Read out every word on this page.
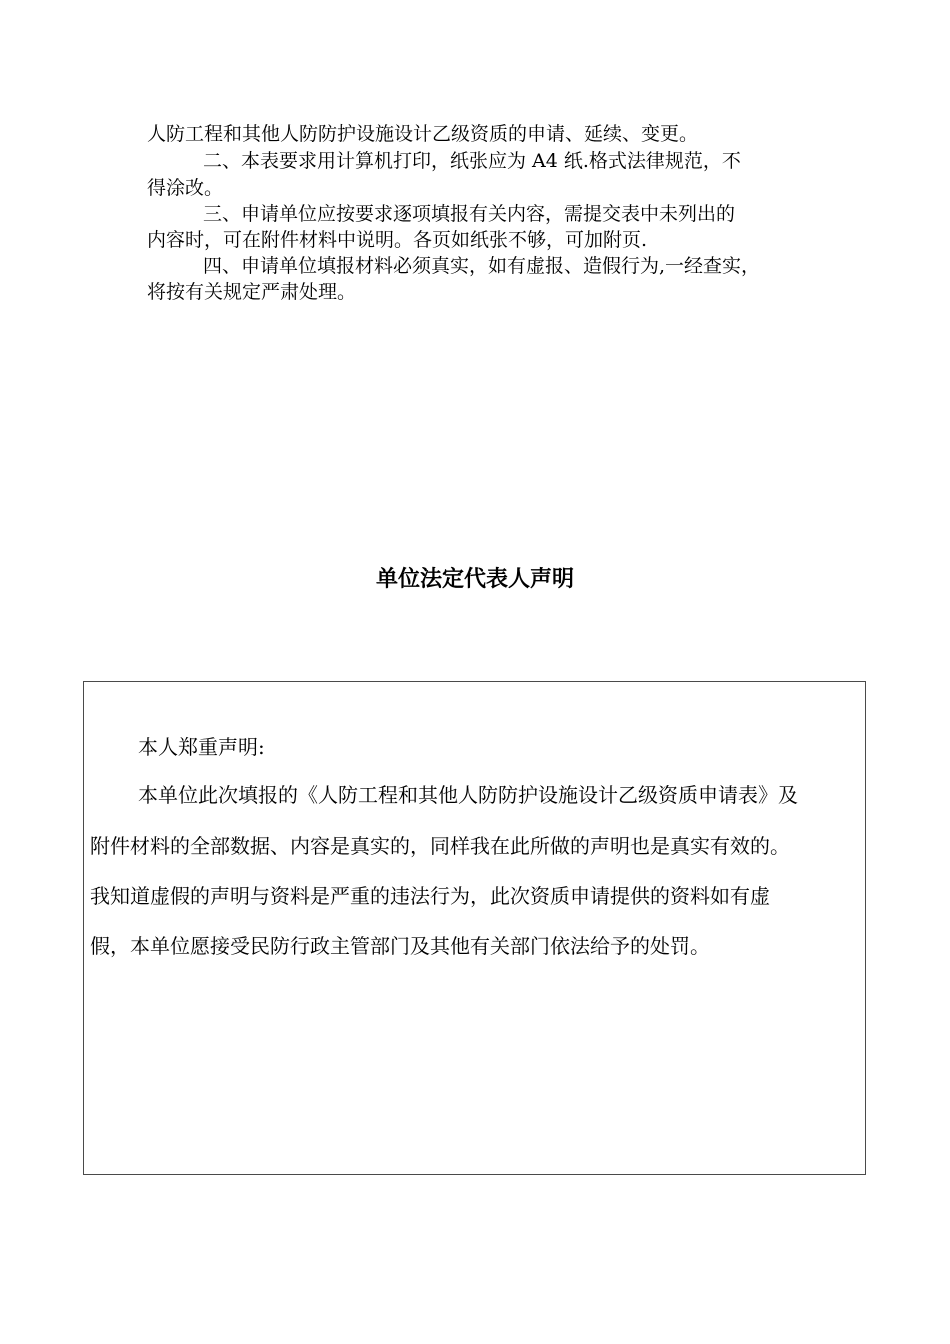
人防工程和其他人防防护设施设计乙级资质的申请、延续、变更。
二、本表要求用计算机打印，纸张应为 A4 纸.格式法律规范，不
得涂改。
三、申请单位应按要求逐项填报有关内容，需提交表中未列出的
内容时，可在附件材料中说明。各页如纸张不够，可加附页.
四、申请单位填报材料必须真实，如有虚报、造假行为,一经查实，
将按有关规定严肃处理。
单位法定代表人声明
本人郑重声明:
本单位此次填报的《人防工程和其他人防防护设施设计乙级资质申请表》及
附件材料的全部数据、内容是真实的，同样我在此所做的声明也是真实有效的。
我知道虚假的声明与资料是严重的违法行为，此次资质申请提供的资料如有虚
假，本单位愿接受民防行政主管部门及其他有关部门依法给予的处罚。
